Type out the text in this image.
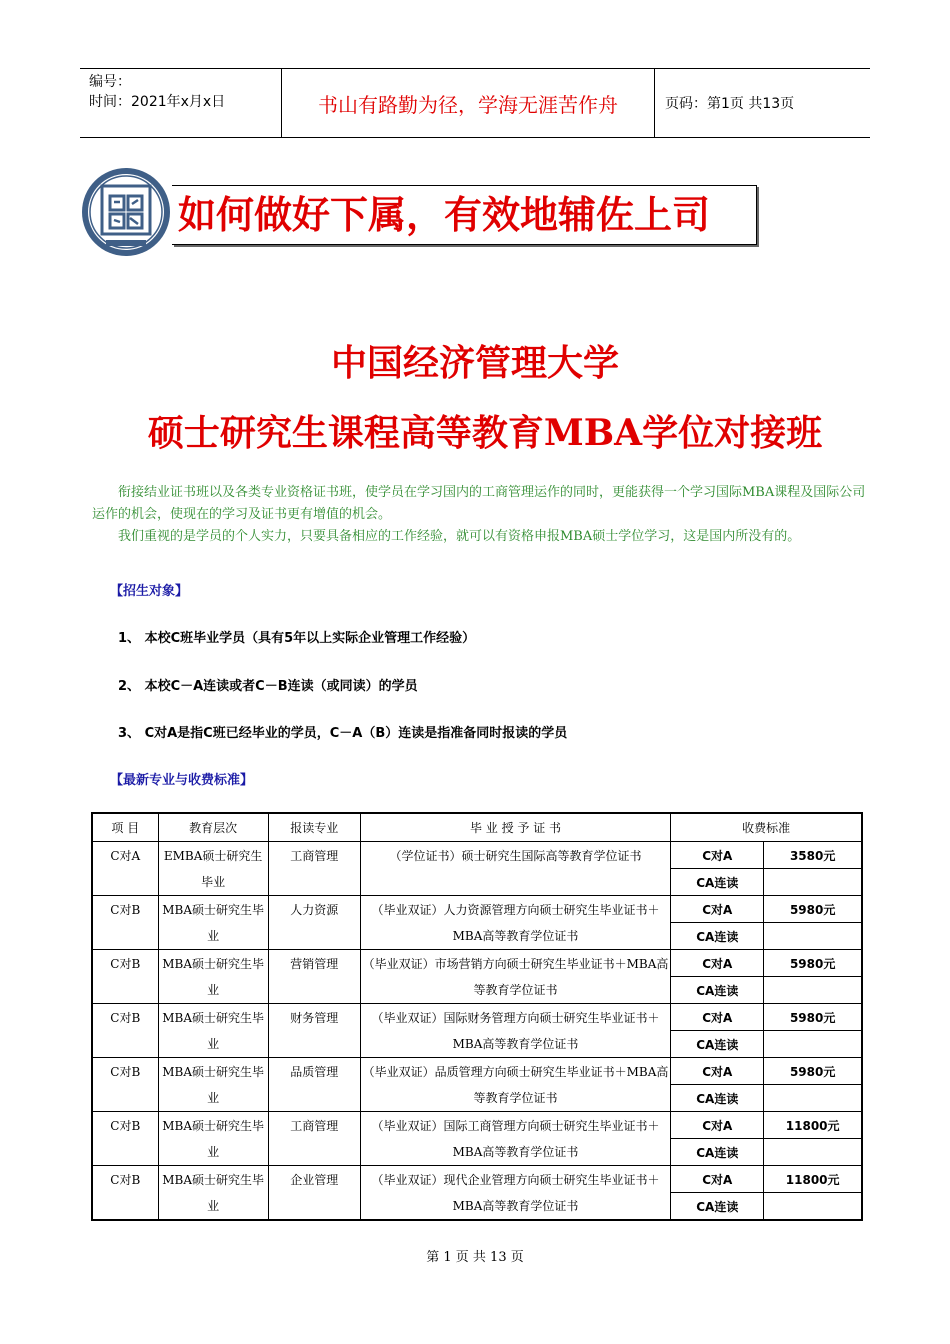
编号：
时间：2021年x月x日	书山有路勤为径，学海无涯苦作舟	页码：第1页 共13页
如何做好下属，有效地辅佐上司
中国经济管理大学
硕士研究生课程高等教育MBA学位对接班

衔接结业证书班以及各类专业资格证书班，使学员在学习国内的工商管理运作的同时，更能获得一个学习国际MBA课程及国际公司运作的机会，使现在的学习及证书更有增值的机会。

我们重视的是学员的个人实力，只要具备相应的工作经验，就可以有资格申报MBA硕士学位学习，这是国内所没有的。

【招生对象】
1、 本校C班毕业学员（具有5年以上实际企业管理工作经验）
2、 本校C－A连读或者C－B连读（或同读）的学员
3、 C对A是指C班已经毕业的学员，C－A（B）连读是指准备同时报读的学员
【最新专业与收费标准】
项 目	教育层次	报读专业	毕 业 授 予 证 书	收费标准	
C对A	EMBA硕士研究生毕业	工商管理	（学位证书）硕士研究生国际高等教育学位证书	C对A	3580元
				CA连读	
C对B	MBA硕士研究生毕业	人力资源	（毕业双证）人力资源管理方向硕士研究生毕业证书＋MBA高等教育学位证书	C对A	5980元
				CA连读	
C对B	MBA硕士研究生毕业	营销管理	（毕业双证）市场营销方向硕士研究生毕业证书＋MBA高等教育学位证书	C对A	5980元
				CA连读	
C对B	MBA硕士研究生毕业	财务管理	（毕业双证）国际财务管理方向硕士研究生毕业证书＋MBA高等教育学位证书	C对A	5980元
				CA连读	
C对B	MBA硕士研究生毕业	品质管理	（毕业双证）品质管理方向硕士研究生毕业证书＋MBA高等教育学位证书	C对A	5980元
				CA连读	
C对B	MBA硕士研究生毕业	工商管理	（毕业双证）国际工商管理方向硕士研究生毕业证书＋MBA高等教育学位证书	C对A	11800元
				CA连读	
C对B	MBA硕士研究生毕业	企业管理	（毕业双证）现代企业管理方向硕士研究生毕业证书＋MBA高等教育学位证书	C对A	11800元
				CA连读	
第 1 页 共 13 页
